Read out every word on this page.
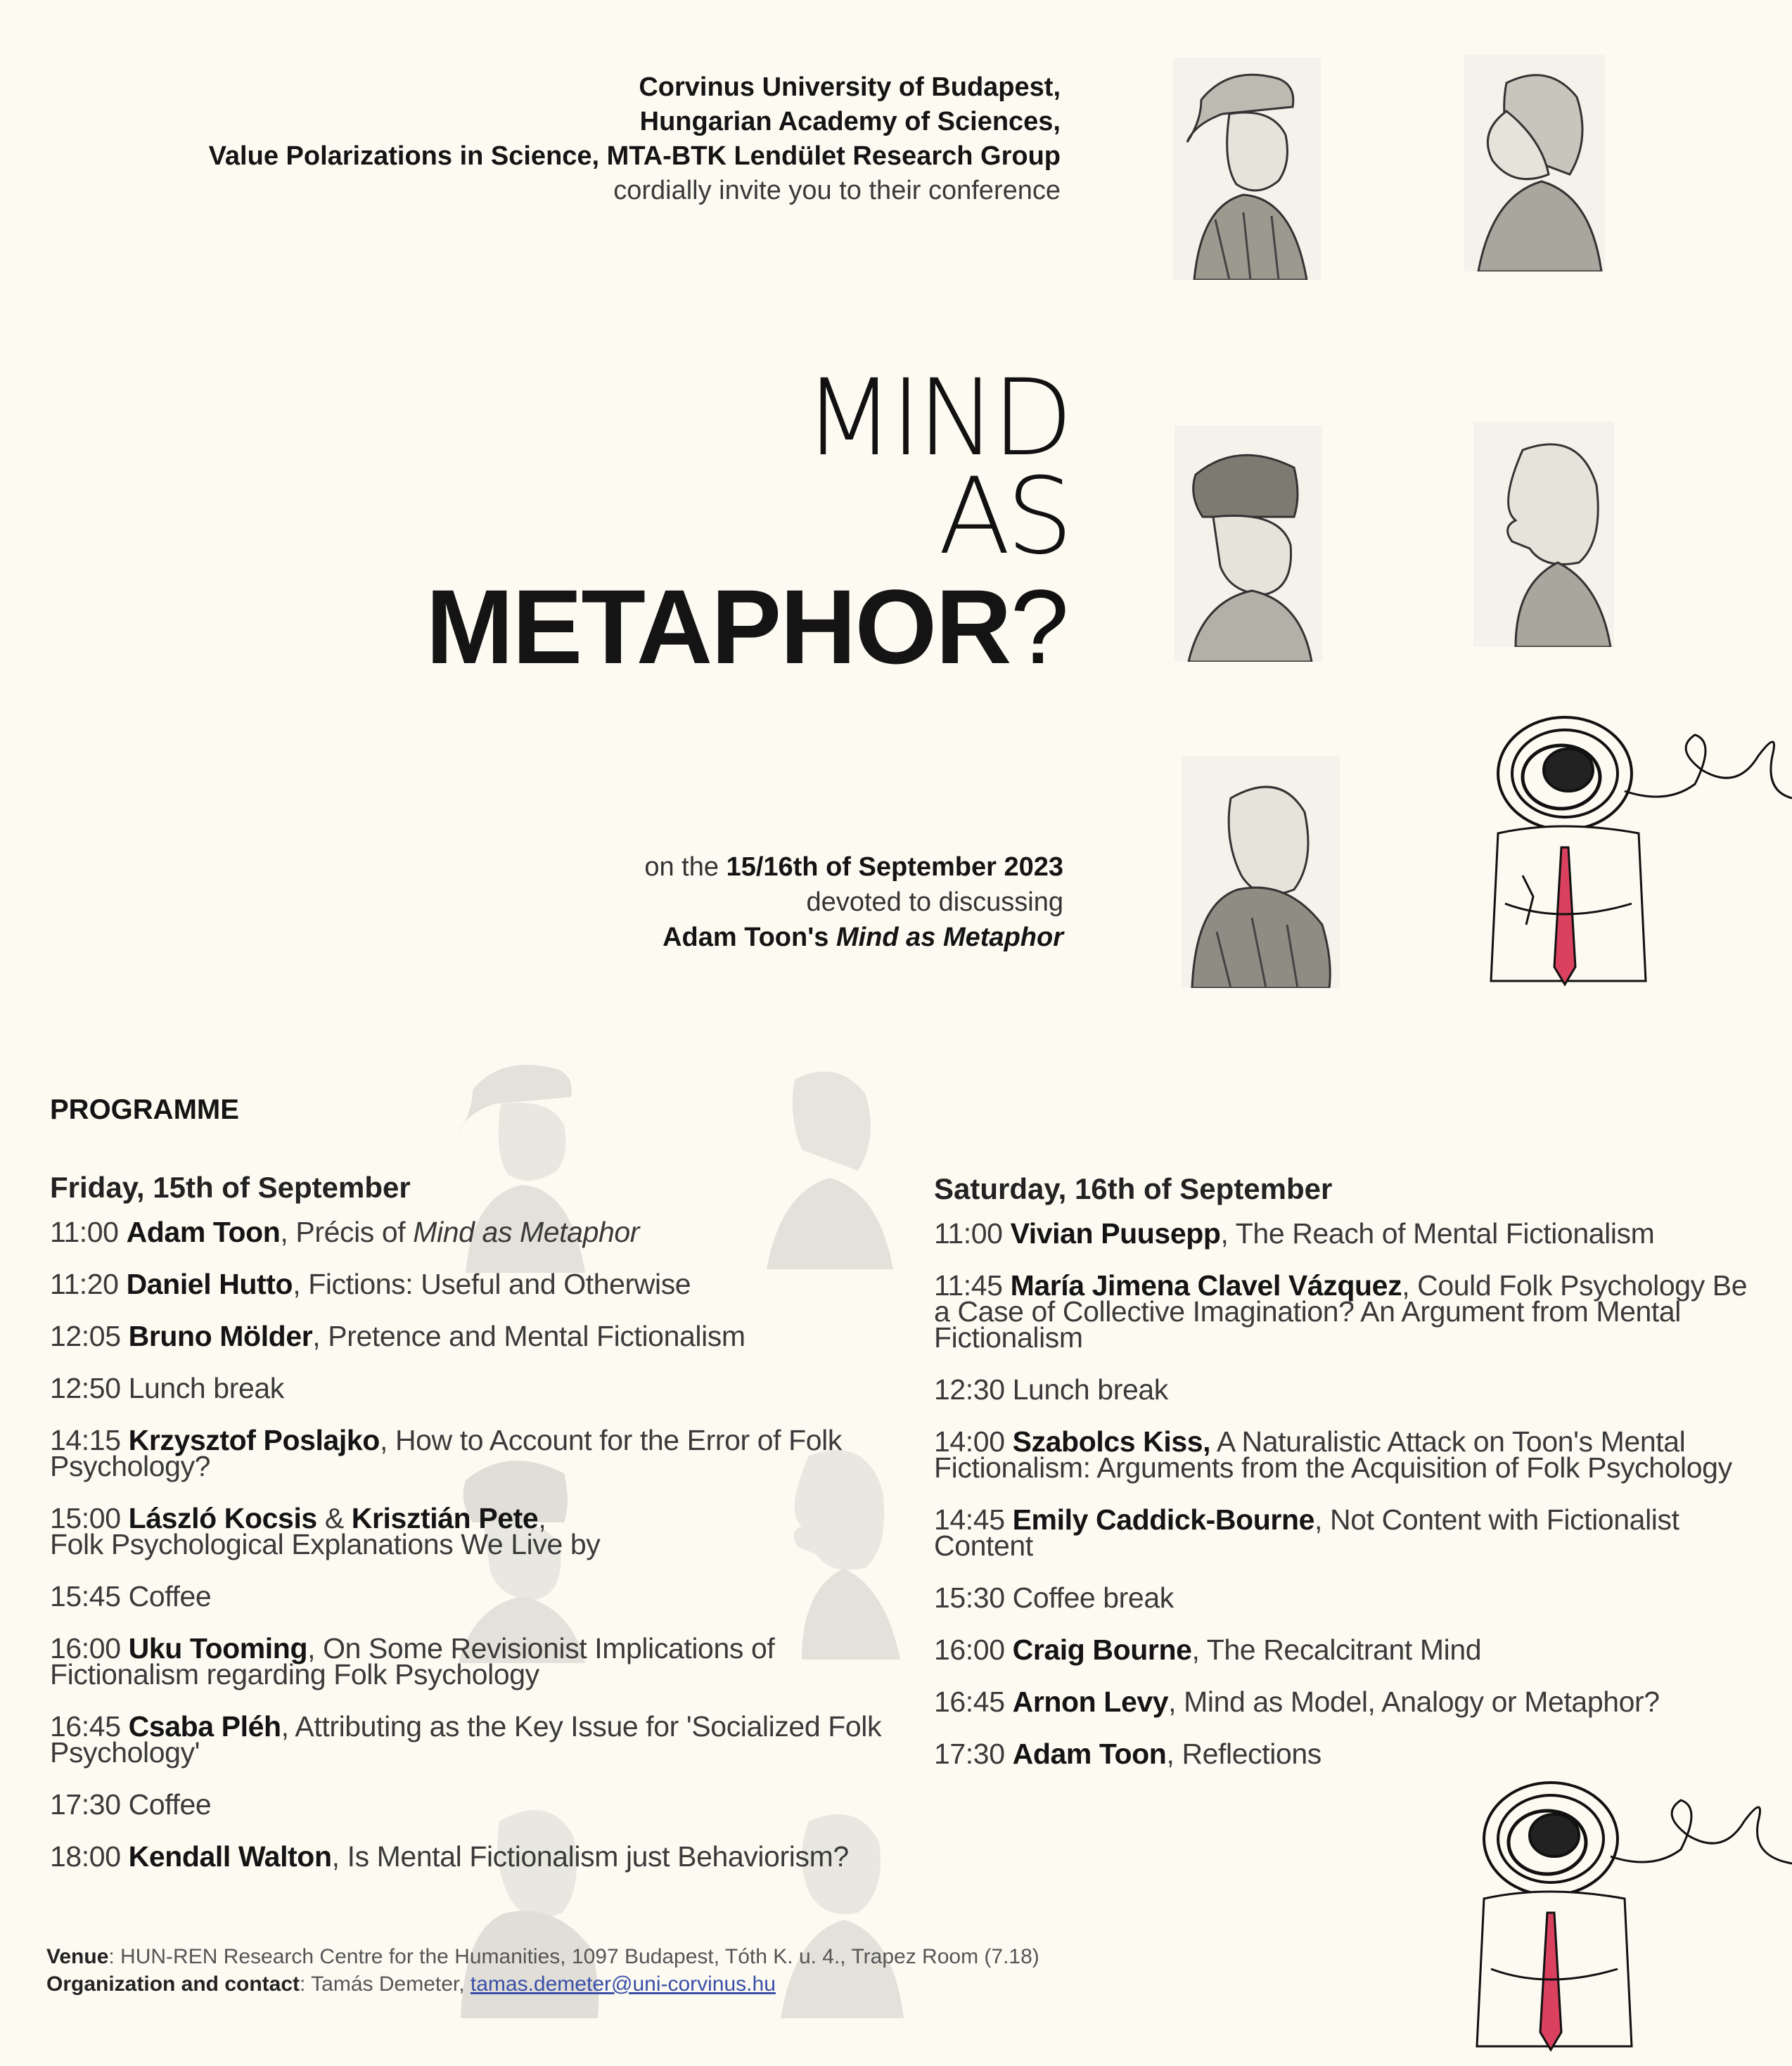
Corvinus University of Budapest,
Hungarian Academy of Sciences,
Value Polarizations in Science, MTA-BTK Lendület Research Group
cordially invite you to their conference
MIND
AS
METAPHOR?
on the 15/16th of September 2023
devoted to discussing
Adam Toon's Mind as Metaphor
PROGRAMME
Friday, 15th of September
11:00 Adam Toon, Précis of Mind as Metaphor
11:20 Daniel Hutto, Fictions: Useful and Otherwise
12:05 Bruno Mölder, Pretence and Mental Fictionalism
12:50 Lunch break
14:15 Krzysztof Poslajko, How to Account for the Error of Folk Psychology?
15:00 László Kocsis & Krisztián Pete,
Folk Psychological Explanations We Live by
15:45 Coffee
16:00 Uku Tooming, On Some Revisionist Implications of Fictionalism regarding Folk Psychology
16:45 Csaba Pléh, Attributing as the Key Issue for 'Socialized Folk Psychology'
17:30 Coffee
18:00 Kendall Walton, Is Mental Fictionalism just Behaviorism?
Saturday, 16th of September
11:00 Vivian Puusepp, The Reach of Mental Fictionalism
11:45 María Jimena Clavel Vázquez, Could Folk Psychology Be a Case of Collective Imagination? An Argument from Mental Fictionalism
12:30 Lunch break
14:00 Szabolcs Kiss, A Naturalistic Attack on Toon's Mental Fictionalism: Arguments from the Acquisition of Folk Psychology
14:45 Emily Caddick-Bourne, Not Content with Fictionalist Content
15:30 Coffee break
16:00 Craig Bourne, The Recalcitrant Mind
16:45 Arnon Levy, Mind as Model, Analogy or Metaphor?
17:30 Adam Toon, Reflections
Venue: HUN-REN Research Centre for the Humanities, 1097 Budapest, Tóth K. u. 4., Trapez Room (7.18)
Organization and contact: Tamás Demeter, tamas.demeter@uni-corvinus.hu
